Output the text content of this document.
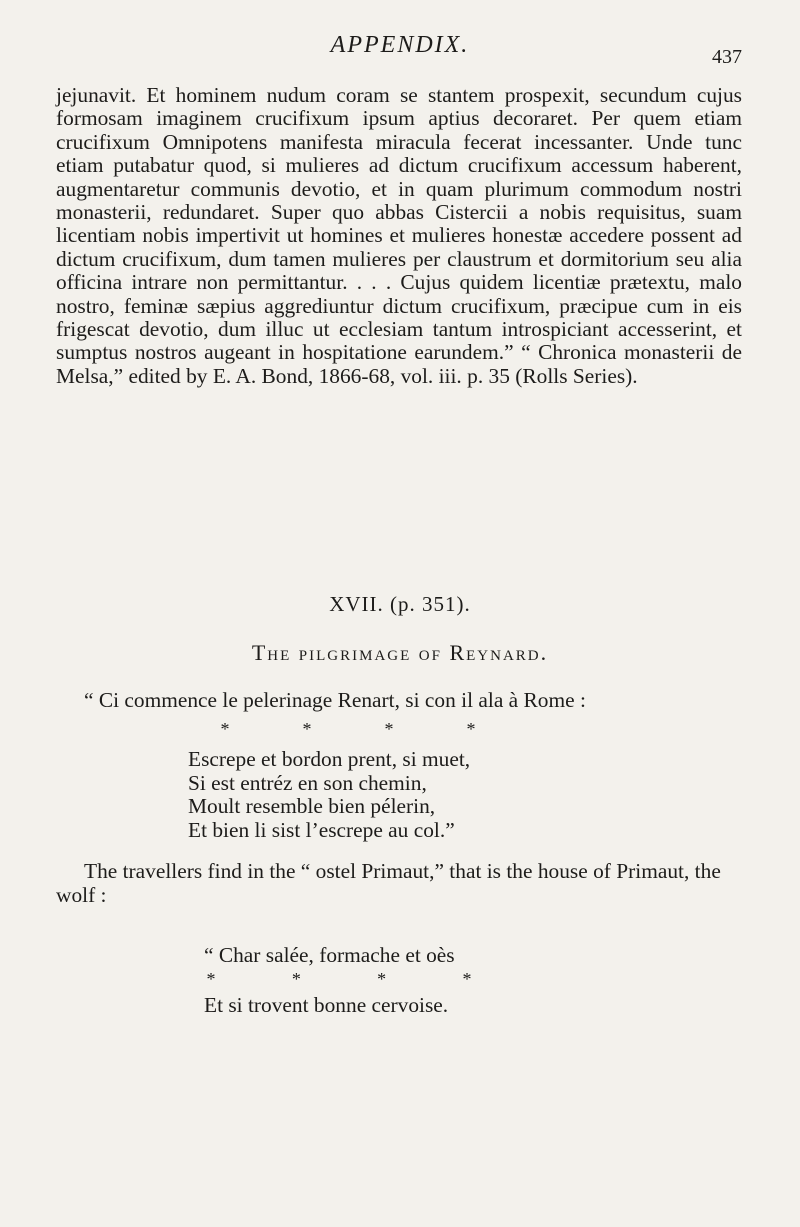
APPENDIX.	437

jejunavit. Et hominem nudum coram se stantem prospexit, secundum cujus formosam imaginem crucifixum ipsum aptius decoraret. Per quem etiam crucifixum Omnipotens manifesta miracula fecerat incessanter. Unde tunc etiam putabatur quod, si mulieres ad dictum crucifixum accessum haberent, augmentaretur communis devotio, et in quam plurimum commodum nostri monasterii, redundaret. Super quo abbas Cistercii a nobis requisitus, suam licentiam nobis impertivit ut homines et mulieres honestæ accedere possent ad dictum crucifixum, dum tamen mulieres per claustrum et dormitorium seu alia officina intrare non permittantur. . . . Cujus quidem licentiæ prætextu, malo nostro, feminæ sæpius aggrediuntur dictum crucifixum, præcipue cum in eis frigescat devotio, dum illuc ut ecclesiam tantum introspiciant accesserint, et sumptus nostros augeant in hospitatione earundem.” “ Chronica monasterii de Melsa,” edited by E. A. Bond, 1866-68, vol. iii. p. 35 (Rolls Series).

XVII. (p. 351).
The pilgrimage of Reynard.
“ Ci commence le pelerinage Renart, si con il ala à Rome :
*	*	*	*
Escrepe et bordon prent, si muet,
Si est entréz en son chemin,
Moult resemble bien pélerin,
Et bien li sist l’escrepe au col.”

The travellers find in the “ ostel Primaut,” that is the house of Primaut, the wolf :

“ Char salée, formache et oès
*	*	*	*
Et si trovent bonne cervoise.
